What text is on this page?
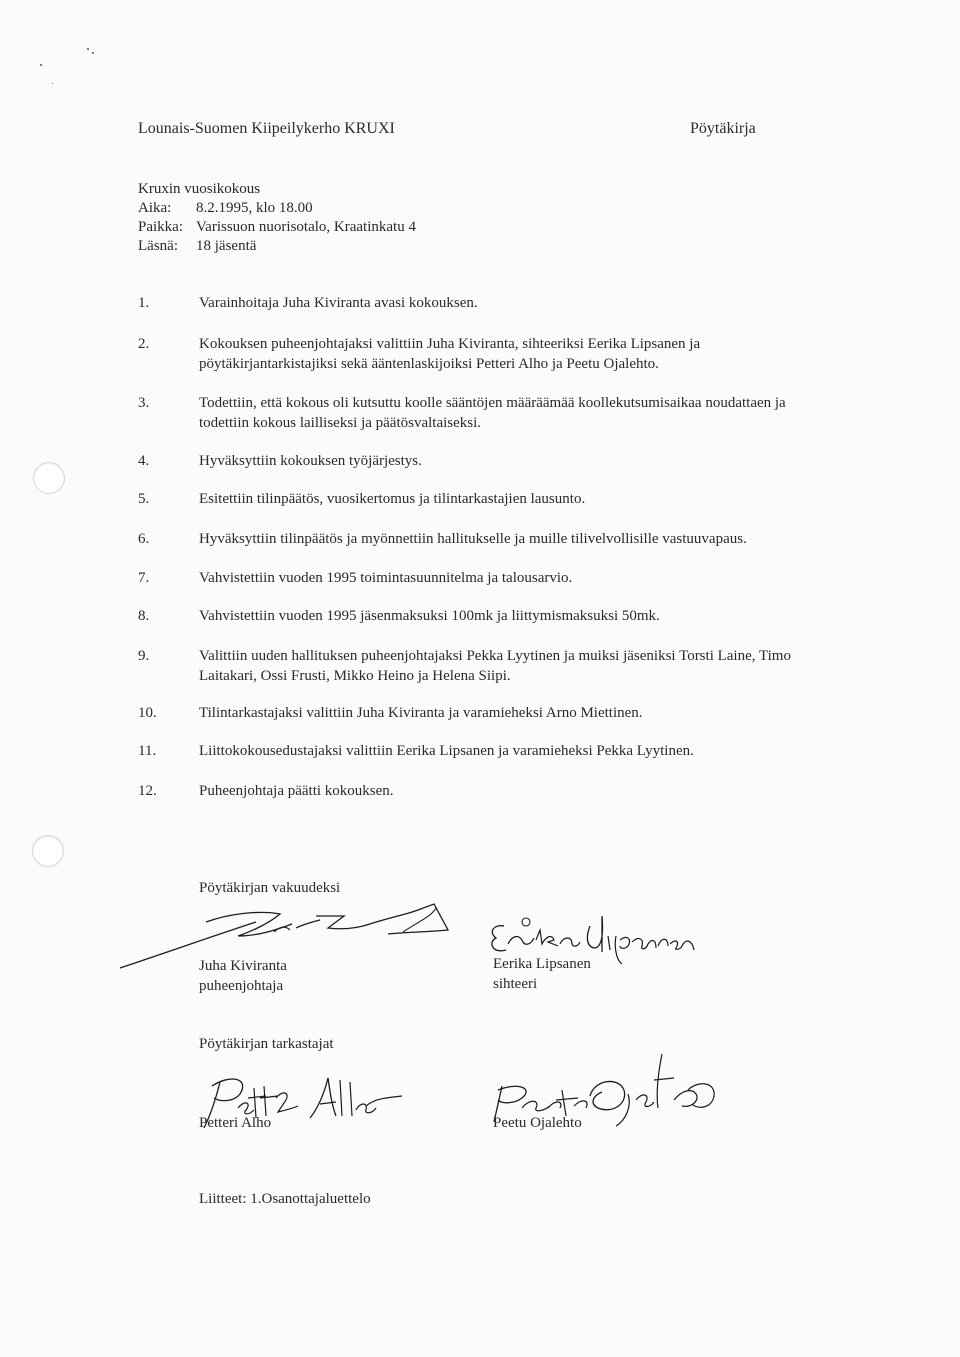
Lounais-Suomen Kiipeilykerho KRUXI	Pöytäkirja
Kruxin vuosikokous
Aika: 8.2.1995, klo 18.00
Paikka: Varissuon nuorisotalo, Kraatinkatu 4
Läsnä: 18 jäsentä
1.	Varainhoitaja Juha Kiviranta avasi kokouksen.
2.	Kokouksen puheenjohtajaksi valittiin Juha Kiviranta, sihteeriksi Eerika Lipsanen ja pöytäkirjantarkistajiksi sekä ääntenlaskijoiksi Petteri Alho ja Peetu Ojalehto.
3.	Todettiin, että kokous oli kutsuttu koolle sääntöjen määräämää koollekutsumisaikaa noudattaen ja todettiin kokous lailliseksi ja päätösvaltaiseksi.
4.	Hyväksyttiin kokouksen työjärjestys.
5.	Esitettiin tilinpäätös, vuosikertomus ja tilintarkastajien lausunto.
6.	Hyväksyttiin tilinpäätös ja myönnettiin hallitukselle ja muille tilivelvollisille vastuuvapaus.
7.	Vahvistettiin vuoden 1995 toimintasuunnitelma ja talousarvio.
8.	Vahvistettiin vuoden 1995 jäsenmaksuksi 100mk ja liittymismaksuksi 50mk.
9.	Valittiin uuden hallituksen puheenjohtajaksi Pekka Lyytinen ja muiksi jäseniksi Torsti Laine, Timo Laitakari, Ossi Frusti, Mikko Heino ja Helena Siipi.
10.	Tilintarkastajaksi valittiin Juha Kiviranta ja varamieheksi Arno Miettinen.
11.	Liittokokousedustajaksi valittiin Eerika Lipsanen ja varamieheksi Pekka Lyytinen.
12.	Puheenjohtaja päätti kokouksen.
Pöytäkirjan vakuudeksi
Juha Kiviranta
puheenjohtaja
Eerika Lipsanen
sihteeri
Pöytäkirjan tarkastajat
Petteri Alho	Peetu Ojalehto
Liitteet: 1.Osanottajaluettelo
